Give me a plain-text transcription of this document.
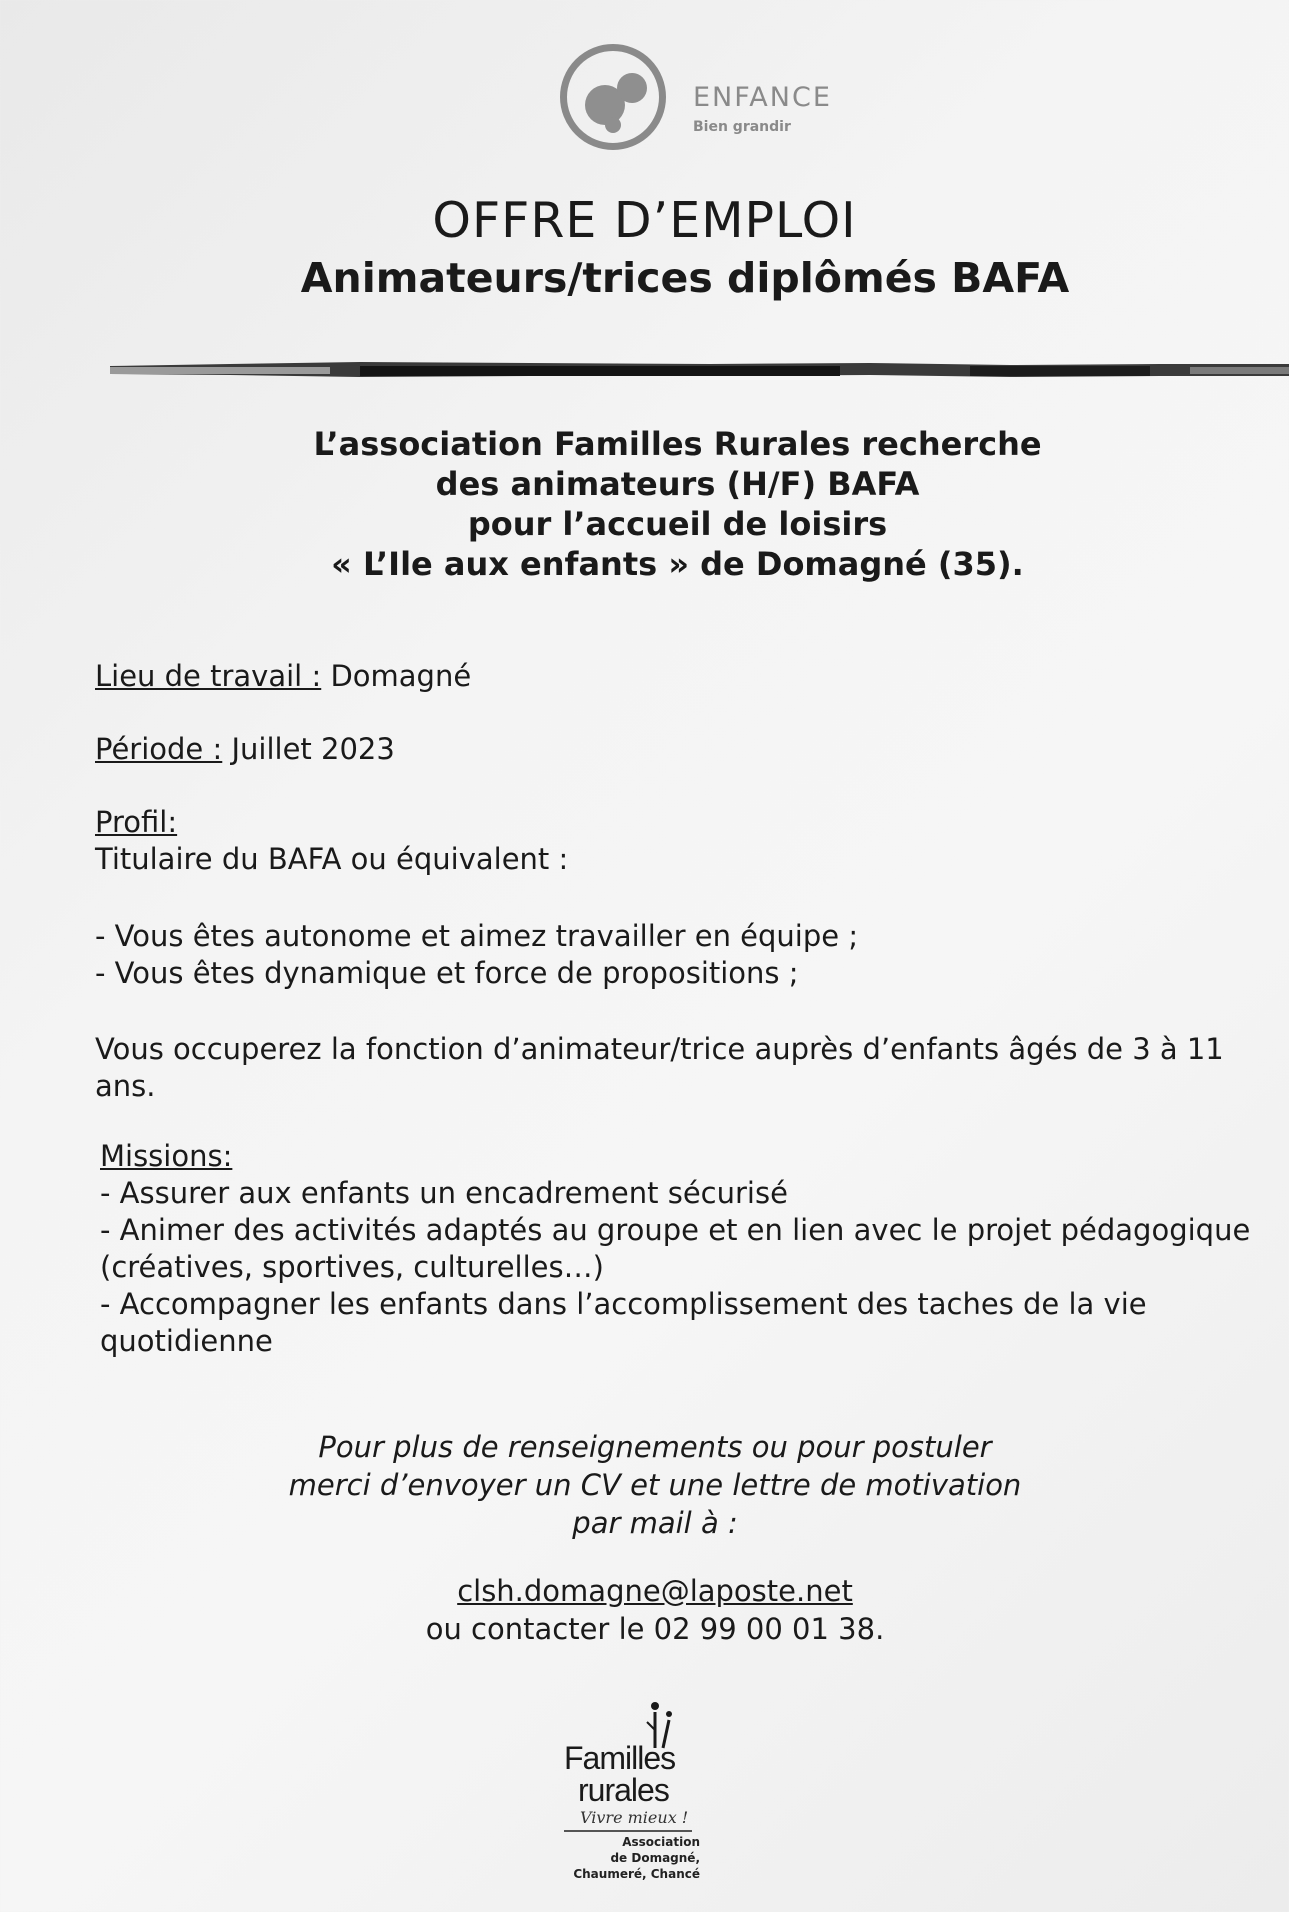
ENFANCE
Bien grandir
OFFRE D’EMPLOI
Animateurs/trices diplômés BAFA
L’association Familles Rurales recherche
des animateurs (H/F) BAFA
pour l’accueil de loisirs
« L’Ile aux enfants » de Domagné (35).
Lieu de travail : Domagné
Période : Juillet 2023
Profil:
Titulaire du BAFA ou équivalent :
- Vous êtes autonome et aimez travailler en équipe ;
- Vous êtes dynamique et force de propositions ;
Vous occuperez la fonction d’animateur/trice auprès d’enfants âgés de 3 à 11
ans.
Missions:
- Assurer aux enfants un encadrement sécurisé
- Animer des activités adaptés au groupe et en lien avec le projet pédagogique
(créatives, sportives, culturelles…)
- Accompagner les enfants dans l’accomplissement des taches de la vie
quotidienne
Pour plus de renseignements ou pour postuler
merci d’envoyer un CV et une lettre de motivation
par mail à :
clsh.domagne@laposte.net
ou contacter le 02 99 00 01 38.
Familles
rurales
Vivre mieux !
Association
de Domagné,
Chaumeré, Chancé
